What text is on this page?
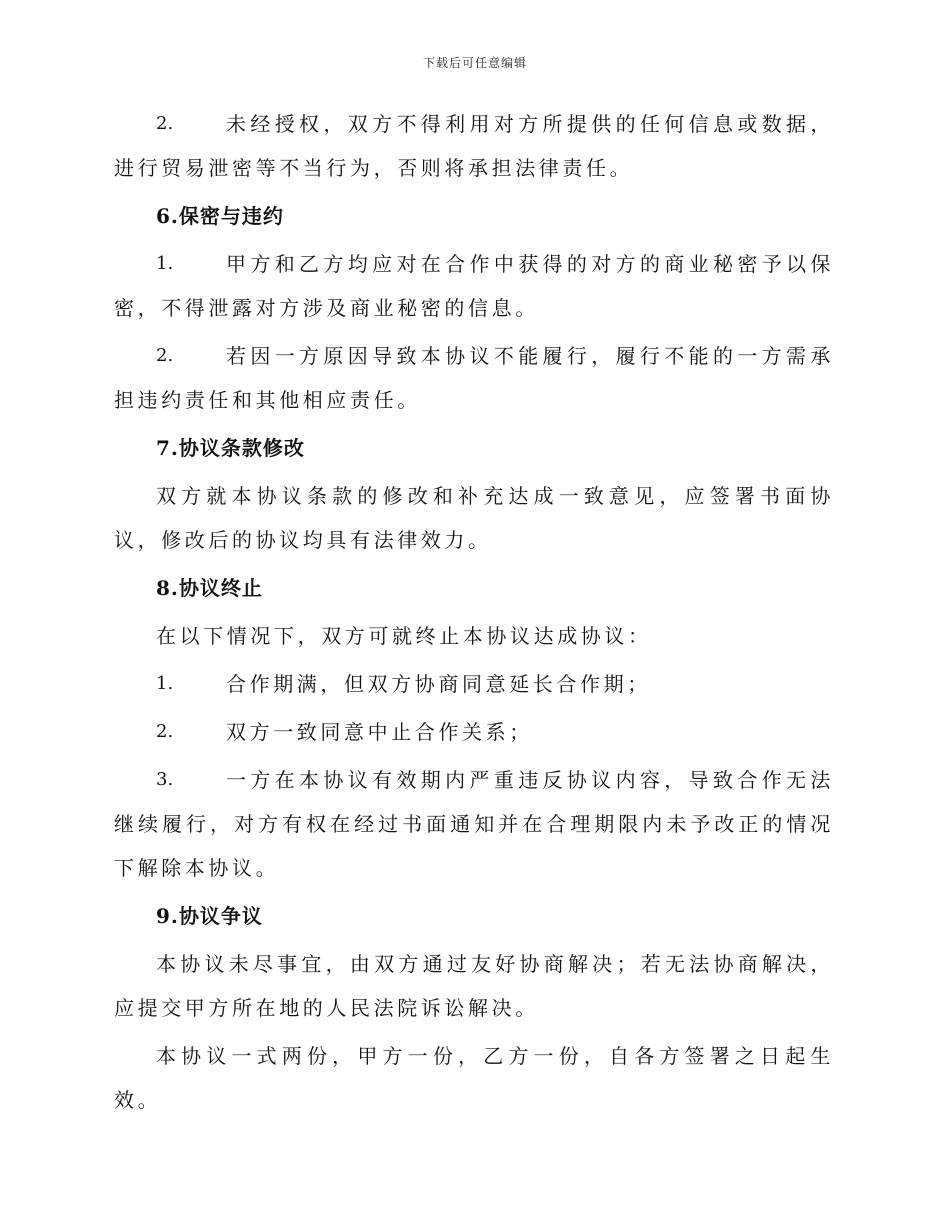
下载后可任意编辑
2.	未经授权，双方不得利用对方所提供的任何信息或数据，进行贸易泄密等不当行为，否则将承担法律责任。
6.保密与违约
1.	甲方和乙方均应对在合作中获得的对方的商业秘密予以保密，不得泄露对方涉及商业秘密的信息。
2.	若因一方原因导致本协议不能履行，履行不能的一方需承担违约责任和其他相应责任。
7.协议条款修改

双方就本协议条款的修改和补充达成一致意见，应签署书面协议，修改后的协议均具有法律效力。

8.协议终止

在以下情况下，双方可就终止本协议达成协议：

1.	合作期满，但双方协商同意延长合作期；
2.	双方一致同意中止合作关系；
3.	一方在本协议有效期内严重违反协议内容，导致合作无法继续履行，对方有权在经过书面通知并在合理期限内未予改正的情况下解除本协议。
9.协议争议

本协议未尽事宜，由双方通过友好协商解决；若无法协商解决，应提交甲方所在地的人民法院诉讼解决。

本协议一式两份，甲方一份，乙方一份，自各方签署之日起生效。
